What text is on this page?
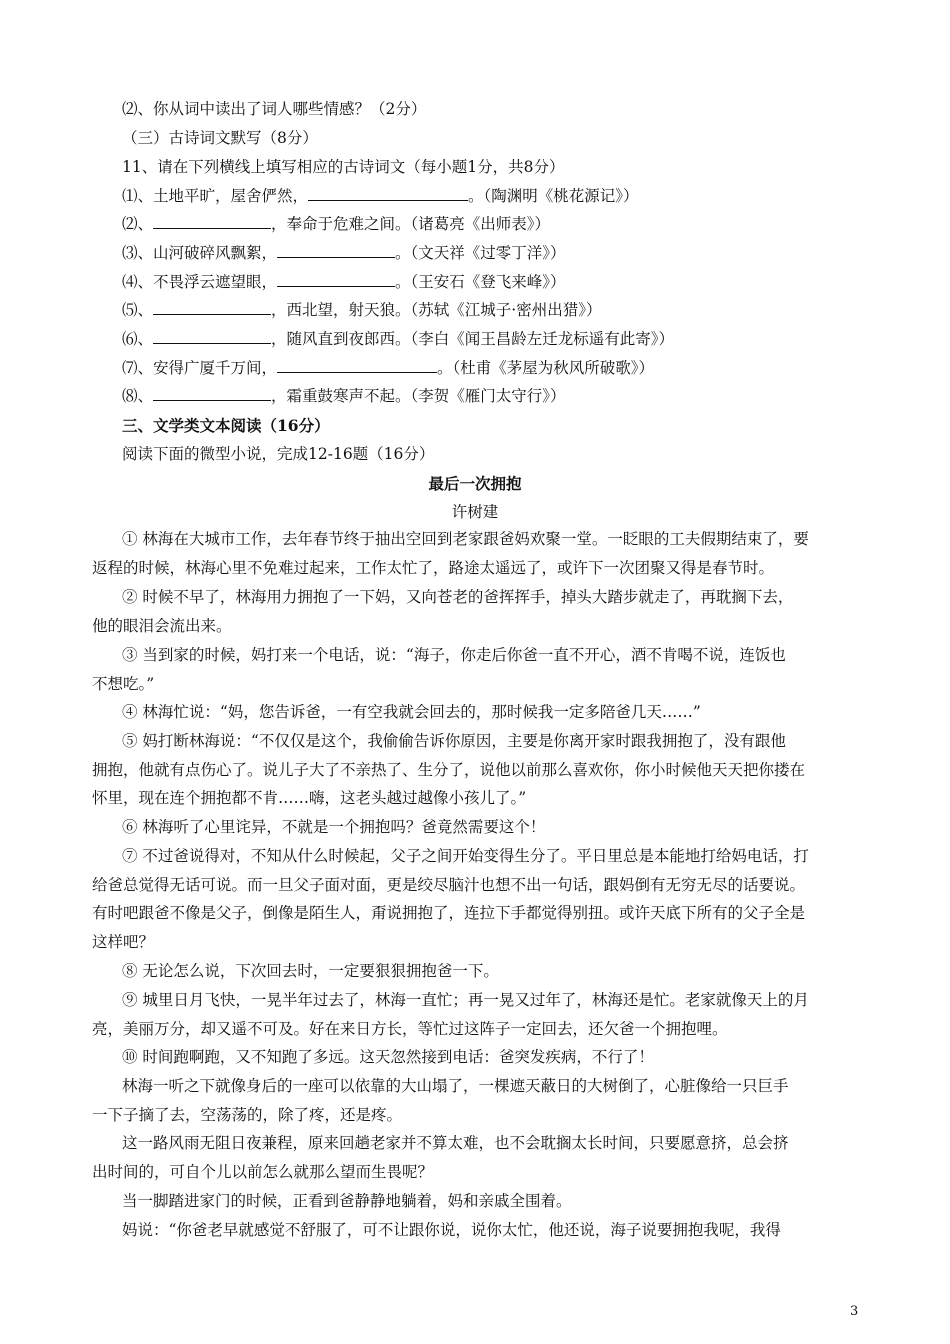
⑵、你从词中读出了词人哪些情感？（2分）
（三）古诗词文默写（8分）
11、请在下列横线上填写相应的古诗词文（每小题1分，共8分）
⑴、土地平旷，屋舍俨然，	。（陶渊明《桃花源记》）
⑵、	，奉命于危难之间。（诸葛亮《出师表》）
⑶、山河破碎风飘絮，	。（文天祥《过零丁洋》）
⑷、不畏浮云遮望眼，	。（王安石《登飞来峰》）
⑸、	，西北望，射天狼。（苏轼《江城子·密州出猎》）
⑹、	，随风直到夜郎西。（李白《闻王昌龄左迁龙标遥有此寄》）
⑺、安得广厦千万间，	。（杜甫《茅屋为秋风所破歌》）
⑻、	，霜重鼓寒声不起。（李贺《雁门太守行》）
三、文学类文本阅读（16分）
阅读下面的微型小说，完成12-16题（16分）
最后一次拥抱
许树建
① 林海在大城市工作，去年春节终于抽出空回到老家跟爸妈欢聚一堂。一眨眼的工夫假期结束了，要
返程的时候，林海心里不免难过起来，工作太忙了，路途太遥远了，或许下一次团聚又得是春节时。
② 时候不早了，林海用力拥抱了一下妈，又向苍老的爸挥挥手，掉头大踏步就走了，再耽搁下去，
他的眼泪会流出来。
③ 当到家的时候，妈打来一个电话，说：“海子，你走后你爸一直不开心，酒不肯喝不说，连饭也
不想吃。”
④ 林海忙说：“妈，您告诉爸，一有空我就会回去的，那时候我一定多陪爸几天……”
⑤ 妈打断林海说：“不仅仅是这个，我偷偷告诉你原因，主要是你离开家时跟我拥抱了，没有跟他
拥抱，他就有点伤心了。说儿子大了不亲热了、生分了，说他以前那么喜欢你，你小时候他天天把你搂在
怀里，现在连个拥抱都不肯……嗨，这老头越过越像小孩儿了。”
⑥ 林海听了心里诧异，不就是一个拥抱吗？爸竟然需要这个！
⑦ 不过爸说得对，不知从什么时候起，父子之间开始变得生分了。平日里总是本能地打给妈电话，打
给爸总觉得无话可说。而一旦父子面对面，更是绞尽脑汁也想不出一句话，跟妈倒有无穷无尽的话要说。
有时吧跟爸不像是父子，倒像是陌生人，甭说拥抱了，连拉下手都觉得别扭。或许天底下所有的父子全是
这样吧？
⑧ 无论怎么说，下次回去时，一定要狠狠拥抱爸一下。
⑨ 城里日月飞快，一晃半年过去了，林海一直忙；再一晃又过年了，林海还是忙。老家就像天上的月
亮，美丽万分，却又遥不可及。好在来日方长，等忙过这阵子一定回去，还欠爸一个拥抱哩。
⑩ 时间跑啊跑，又不知跑了多远。这天忽然接到电话：爸突发疾病，不行了！
林海一听之下就像身后的一座可以依靠的大山塌了，一棵遮天蔽日的大树倒了，心脏像给一只巨手
一下子摘了去，空荡荡的，除了疼，还是疼。
这一路风雨无阻日夜兼程，原来回趟老家并不算太难，也不会耽搁太长时间，只要愿意挤，总会挤
出时间的，可自个儿以前怎么就那么望而生畏呢？
当一脚踏进家门的时候，正看到爸静静地躺着，妈和亲戚全围着。
妈说：“你爸老早就感觉不舒服了，可不让跟你说，说你太忙，他还说，海子说要拥抱我呢，我得
3
